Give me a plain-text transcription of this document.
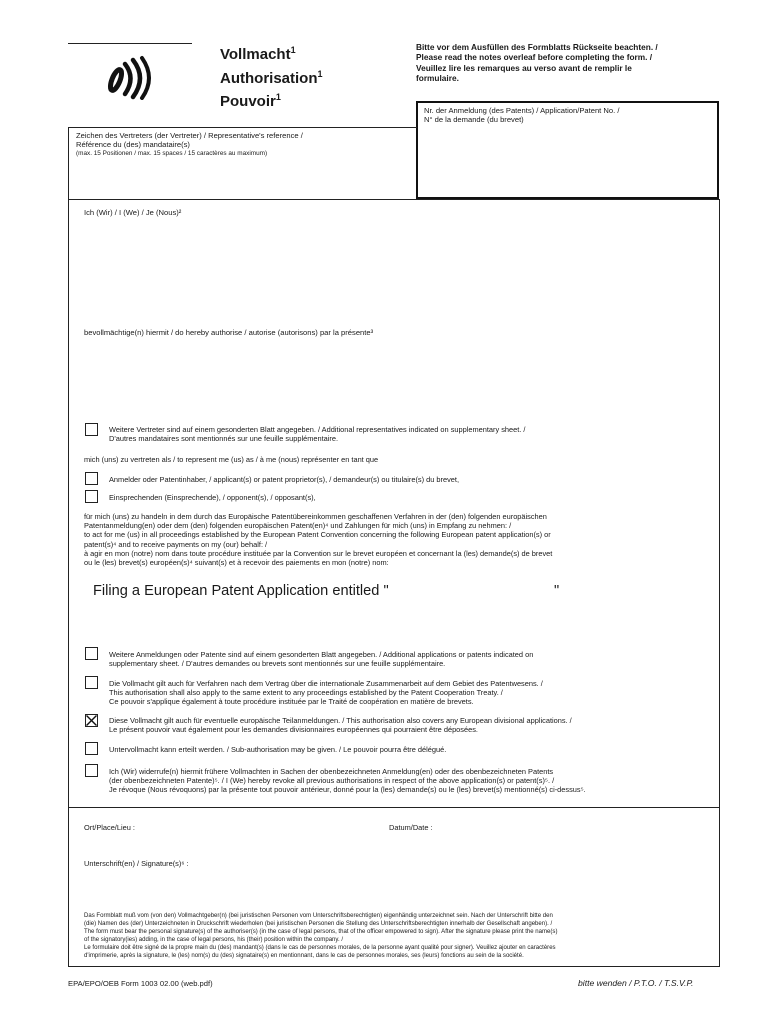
Vollmacht$^1$
Authorisation$^1$
Pouvoir$^1$
Bitte vor dem Ausfüllen des Formblatts Rückseite beachten. /
Please read the notes overleaf before completing the form. /
Veuillez lire les remarques au verso avant de remplir le
formulaire.
Nr. der Anmeldung (des Patents) / Application/Patent No. /
N° de la demande (du brevet)
Zeichen des Vertreters (der Vertreter) / Representative's reference /
Référence du (des) mandataire(s)
(max. 15 Positionen / max. 15 spaces / 15 caractères au maximum)
Ich (Wir) / I (We) / Je (Nous)²
bevollmächtige(n) hiermit / do hereby authorise / autorise (autorisons) par la présente³
Weitere Vertreter sind auf einem gesonderten Blatt angegeben. / Additional representatives indicated on supplementary sheet. /
D'autres mandataires sont mentionnés sur une feuille supplémentaire.
mich (uns) zu vertreten als / to represent me (us) as / à me (nous) représenter en tant que
Anmelder oder Patentinhaber, / applicant(s) or patent proprietor(s), / demandeur(s) ou titulaire(s) du brevet,
Einsprechenden (Einsprechende), / opponent(s), / opposant(s),
für mich (uns) zu handeln in dem durch das Europäische Patentübereinkommen geschaffenen Verfahren in der (den) folgenden europäischen
Patentanmeldung(en) oder dem (den) folgenden europäischen Patent(en)⁴ und Zahlungen für mich (uns) in Empfang zu nehmen: /
to act for me (us) in all proceedings established by the European Patent Convention concerning the following European patent application(s) or
patent(s)⁴ and to receive payments on my (our) behalf: /
à agir en mon (notre) nom dans toute procédure instituée par la Convention sur le brevet européen et concernant la (les) demande(s) de brevet
ou le (les) brevet(s) européen(s)⁴ suivant(s) et à recevoir des paiements en mon (notre) nom:
Filing a European Patent Application entitled "	"
Weitere Anmeldungen oder Patente sind auf einem gesonderten Blatt angegeben. / Additional applications or patents indicated on
supplementary sheet. / D'autres demandes ou brevets sont mentionnés sur une feuille supplémentaire.
Die Vollmacht gilt auch für Verfahren nach dem Vertrag über die internationale Zusammenarbeit auf dem Gebiet des Patentwesens. /
This authorisation shall also apply to the same extent to any proceedings established by the Patent Cooperation Treaty. /
Ce pouvoir s'applique également à toute procédure instituée par le Traité de coopération en matière de brevets.
Diese Vollmacht gilt auch für eventuelle europäische Teilanmeldungen. / This authorisation also covers any European divisional applications. /
Le présent pouvoir vaut également pour les demandes divisionnaires européennes qui pourraient être déposées.
Untervollmacht kann erteilt werden. / Sub-authorisation may be given. / Le pouvoir pourra être délégué.
Ich (Wir) widerrufe(n) hiermit frühere Vollmachten in Sachen der obenbezeichneten Anmeldung(en) oder des obenbezeichneten Patents
(der obenbezeichneten Patente)⁵. / I (We) hereby revoke all previous authorisations in respect of the above application(s) or patent(s)⁵. /
Je révoque (Nous révoquons) par la présente tout pouvoir antérieur, donné pour la (les) demande(s) ou le (les) brevet(s) mentionné(s) ci-dessus⁵.
Ort/Place/Lieu :	Datum/Date :
Unterschrift(en) / Signature(s)⁶ :
Das Formblatt muß vom (von den) Vollmachtgeber(n) (bei juristischen Personen vom Unterschriftsberechtigten) eigenhändig unterzeichnet sein. Nach der Unterschrift bitte den
(die) Namen des (der) Unterzeichneten in Druckschrift wiederholen (bei juristischen Personen die Stellung des Unterschriftsberechtigten innerhalb der Gesellschaft angeben). /
The form must bear the personal signature(s) of the authoriser(s) (in the case of legal persons, that of the officer empowered to sign). After the signature please print the name(s)
of the signatory(ies) adding, in the case of legal persons, his (their) position within the company. /
Le formulaire doit être signé de la propre main du (des) mandant(s) (dans le cas de personnes morales, de la personne ayant qualité pour signer). Veuillez ajouter en caractères
d'imprimerie, après la signature, le (les) nom(s) du (des) signataire(s) en mentionnant, dans le cas de personnes morales, ses (leurs) fonctions au sein de la société.
EPA/EPO/OEB Form 1003 02.00 (web.pdf)	bitte wenden / P.T.O. / T.S.V.P.
